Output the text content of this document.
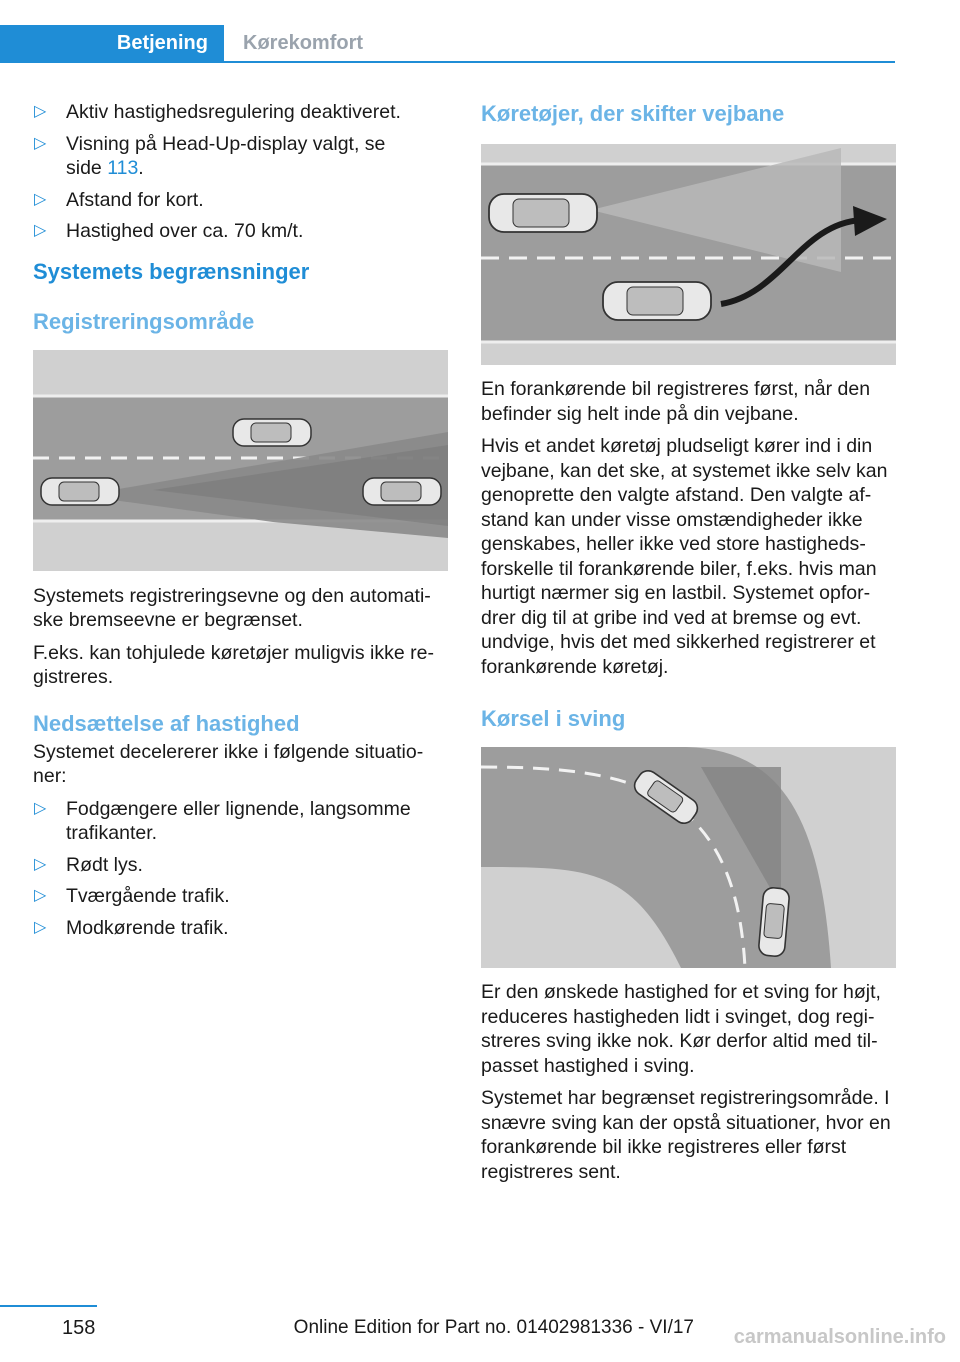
Betjening	Kørekomfort
▷ Aktiv hastighedsregulering deaktiveret.
▷ Visning på Head-Up-display valgt, se
side 113.
▷ Afstand for kort.
▷ Hastighed over ca. 70 km/t.
Systemets begrænsninger
Registreringsområde

Systemets registreringsevne og den automatiske bremseevne er begrænset.

F.eks. kan tohjulede køretøjer muligvis ikke registreres.

Nedsættelse af hastighed

Systemet decelererer ikke i følgende situationer:

▷ Fodgængere eller lignende, langsomme trafikanter.
▷ Rødt lys.
▷ Tværgående trafik.
▷ Modkørende trafik.
Køretøjer, der skifter vejbane

En forankørende bil registreres først, når den befinder sig helt inde på din vejbane.

Hvis et andet køretøj pludseligt kører ind i din vejbane, kan det ske, at systemet ikke selv kan genoprette den valgte afstand. Den valgte afstand kan under visse omstændigheder ikke genskabes, heller ikke ved store hastighedsforskelle til forankørende biler, f.eks. hvis man hurtigt nærmer sig en lastbil. Systemet opfordrer dig til at gribe ind ved at bremse og evt. undvige, hvis det med sikkerhed registrerer et forankørende køretøj.

Kørsel i sving

Er den ønskede hastighed for et sving for højt, reduceres hastigheden lidt i svinget, dog registreres sving ikke nok. Kør derfor altid med tilpasset hastighed i sving.

Systemet har begrænset registreringsområde. I snævre sving kan der opstå situationer, hvor en forankørende bil ikke registreres eller først registreres sent.

158	Online Edition for Part no. 01402981336 - VI/17 carmanualsonline.info
